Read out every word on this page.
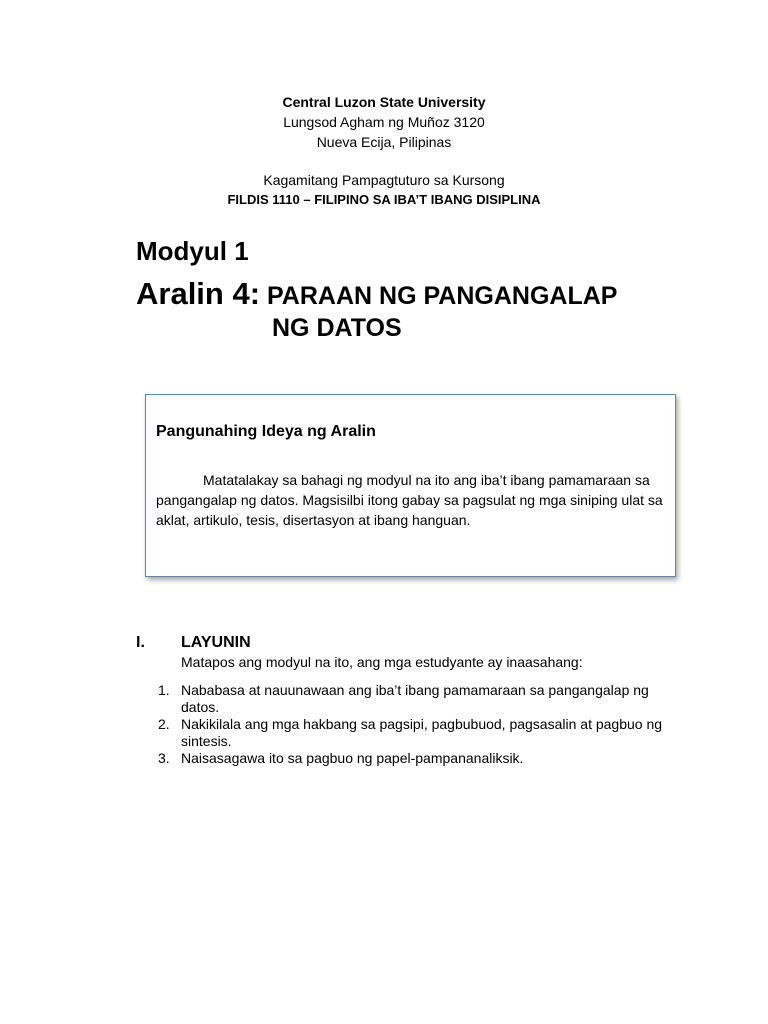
Central Luzon State University
Lungsod Agham ng Muñoz 3120
Nueva Ecija, Pilipinas
Kagamitang Pampagtuturo sa Kursong
FILDIS 1110 – FILIPINO SA IBA’T IBANG DISIPLINA
Modyul 1
Aralin 4: PARAAN NG PANGANGALAP
NG DATOS
Pangunahing Ideya ng Aralin

Matatalakay sa bahagi ng modyul na ito ang iba’t ibang pamamaraan sa pangangalap ng datos. Magsisilbi itong gabay sa pagsulat ng mga siniping ulat sa aklat, artikulo, tesis, disertasyon at ibang hanguan.

I. LAYUNIN
Matapos ang modyul na ito, ang mga estudyante ay inaasahang:
1. Nababasa at nauunawaan ang iba’t ibang pamamaraan sa pangangalap ng datos.
2. Nakikilala ang mga hakbang sa pagsipi, pagbubuod, pagsasalin at pagbuo ng sintesis.
3. Naisasagawa ito sa pagbuo ng papel-pampananaliksik.
